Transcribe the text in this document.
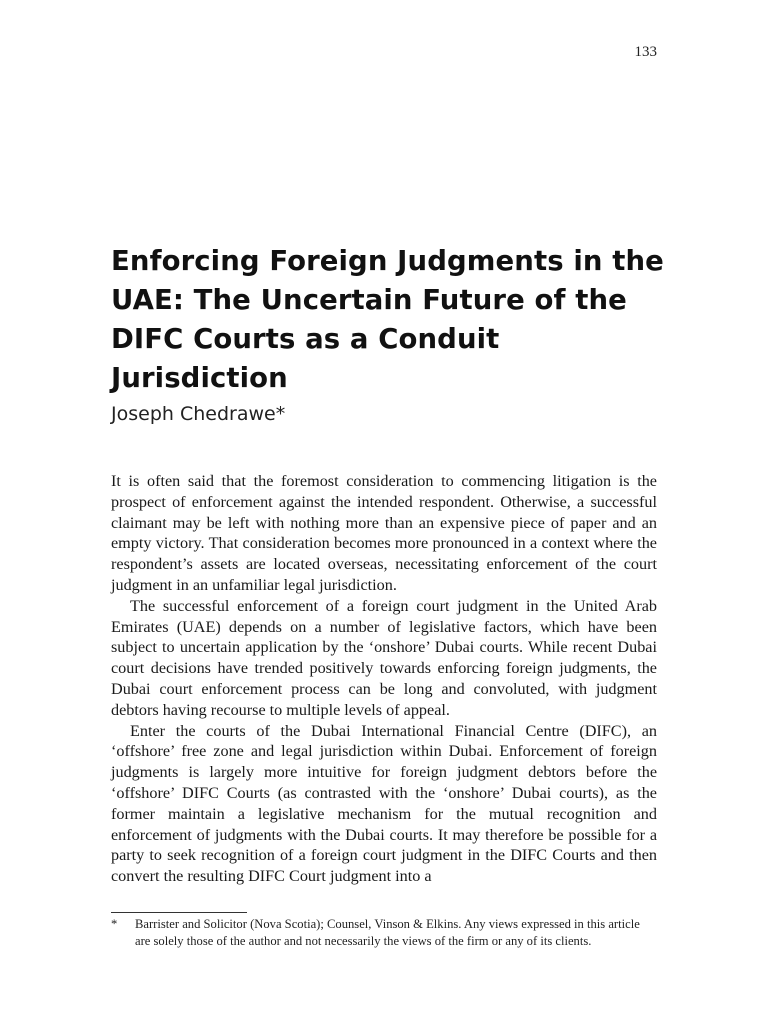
133
Enforcing Foreign Judgments in the UAE: The Uncertain Future of the DIFC Courts as a Conduit Jurisdiction
Joseph Chedrawe*

It is often said that the foremost consideration to commencing litigation is the prospect of enforcement against the intended respondent. Otherwise, a successful claimant may be left with nothing more than an expensive piece of paper and an empty victory. That consideration becomes more pronounced in a context where the respondent’s assets are located overseas, necessitating enforcement of the court judgment in an unfamiliar legal jurisdiction.

The successful enforcement of a foreign court judgment in the United Arab Emirates (UAE) depends on a number of legislative factors, which have been subject to uncertain application by the ‘onshore’ Dubai courts. While recent Dubai court decisions have trended positively towards enforcing foreign judgments, the Dubai court enforcement process can be long and convoluted, with judgment debtors having recourse to multiple levels of appeal.

Enter the courts of the Dubai International Financial Centre (DIFC), an ‘offshore’ free zone and legal jurisdiction within Dubai. Enforcement of foreign judgments is largely more intuitive for foreign judgment debtors before the ‘offshore’ DIFC Courts (as contrasted with the ‘onshore’ Dubai courts), as the former maintain a legislative mechanism for the mutual recognition and enforcement of judgments with the Dubai courts. It may therefore be possible for a party to seek recognition of a foreign court judgment in the DIFC Courts and then convert the resulting DIFC Court judgment into a

* Barrister and Solicitor (Nova Scotia); Counsel, Vinson & Elkins. Any views expressed in this article are solely those of the author and not necessarily the views of the firm or any of its clients.
